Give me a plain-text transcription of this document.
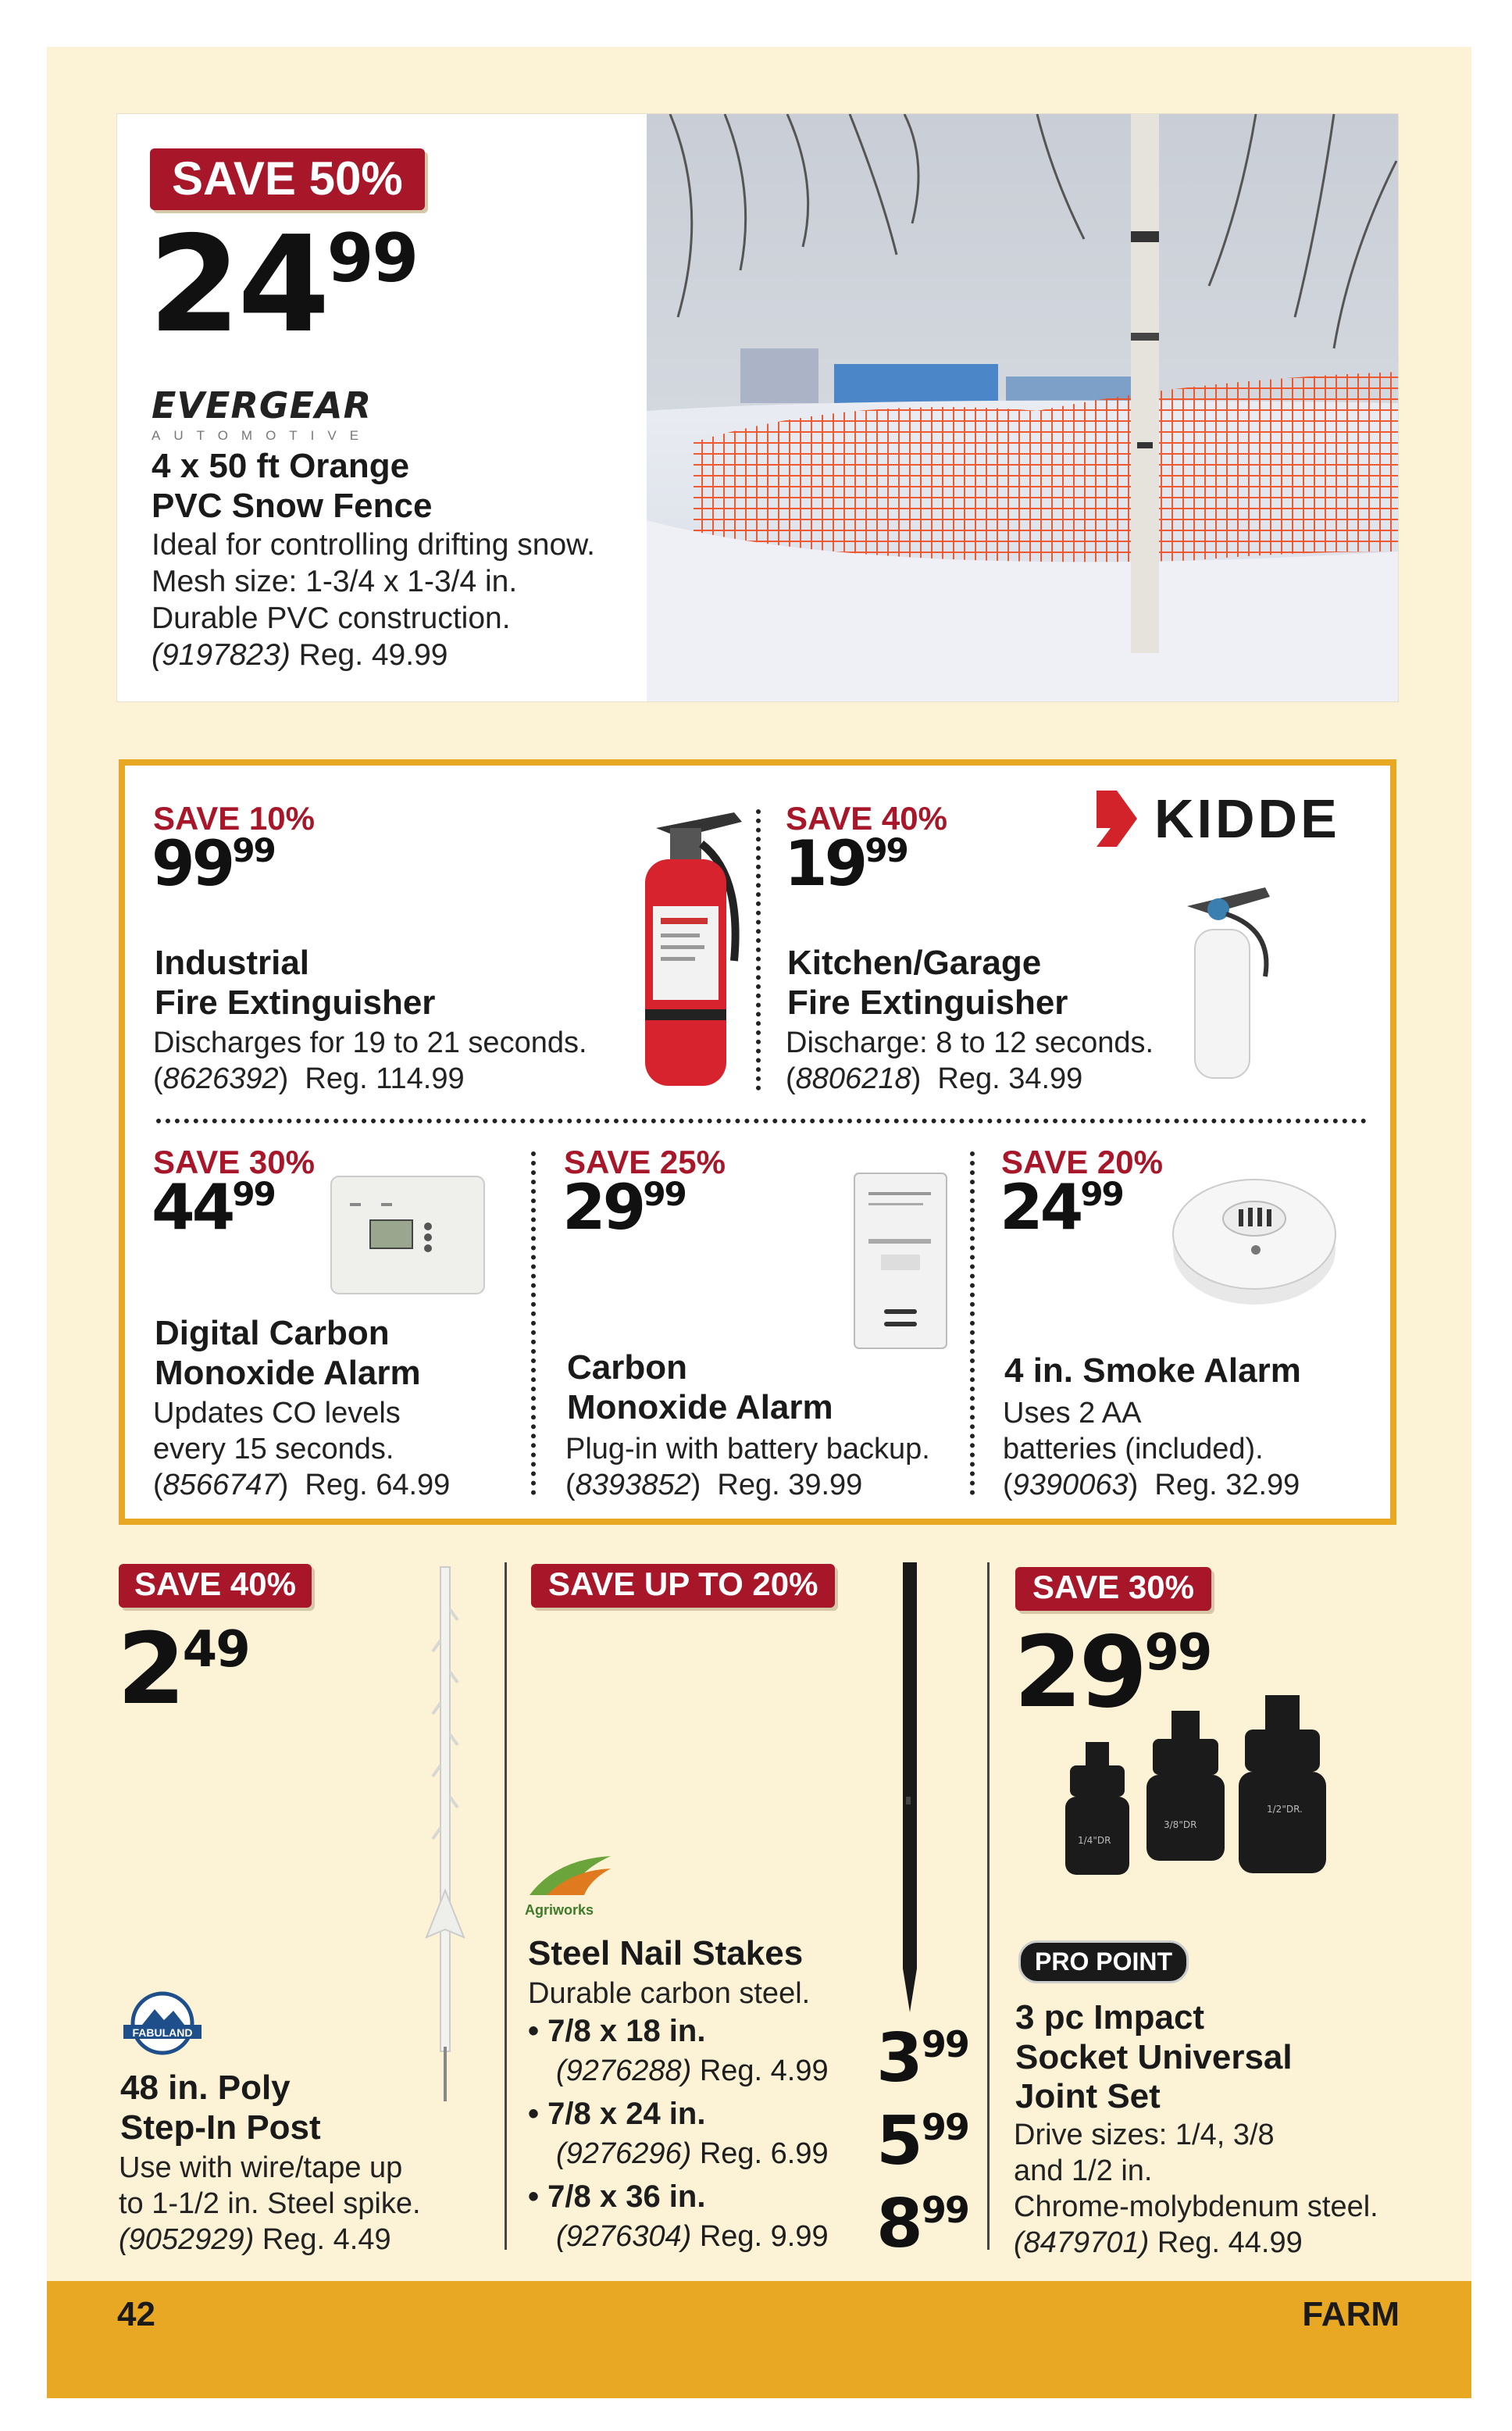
SAVE 50%
$24^{99}$
EVERGEAR
AUTOMOTIVE
4 x 50 ft Orange
PVC Snow Fence
Ideal for controlling drifting snow.
Mesh size: 1-3/4 x 1-3/4 in.
Durable PVC construction.
(9197823) Reg. 49.99
SAVE 10%
$99^{99}$
Industrial
Fire Extinguisher
Discharges for 19 to 21 seconds.
(8626392)  Reg. 114.99
SAVE 40%
$19^{99}$
KIDDE
Kitchen/Garage
Fire Extinguisher
Discharge: 8 to 12 seconds.
(8806218)  Reg. 34.99
SAVE 30%
$44^{99}$
Digital Carbon
Monoxide Alarm
Updates CO levels
every 15 seconds.
(8566747)  Reg. 64.99
SAVE 25%
$29^{99}$
Carbon
Monoxide Alarm
Plug-in with battery backup.
(8393852)  Reg. 39.99
SAVE 20%
$24^{99}$
4 in. Smoke Alarm
Uses 2 AA
batteries (included).
(9390063)  Reg. 32.99
SAVE 40%
$2^{49}$
FABULAND
48 in. Poly
Step-In Post
Use with wire/tape up
to 1-1/2 in. Steel spike.
(9052929) Reg. 4.49
SAVE UP TO 20%
Agriworks
Steel Nail Stakes
Durable carbon steel.
• 7/8 x 18 in.
(9276288) Reg. 4.99 $3^{99}$
• 7/8 x 24 in.
(9276296) Reg. 6.99 $5^{99}$
• 7/8 x 36 in.
(9276304) Reg. 9.99 $8^{99}$
SAVE 30%
$29^{99}$
1/4"DR
3/8"DR
1/2"DR.
PRO POINT
3 pc Impact
Socket Universal
Joint Set
Drive sizes: 1/4, 3/8
and 1/2 in.
Chrome-molybdenum steel.
(8479701) Reg. 44.99
42	FARM
